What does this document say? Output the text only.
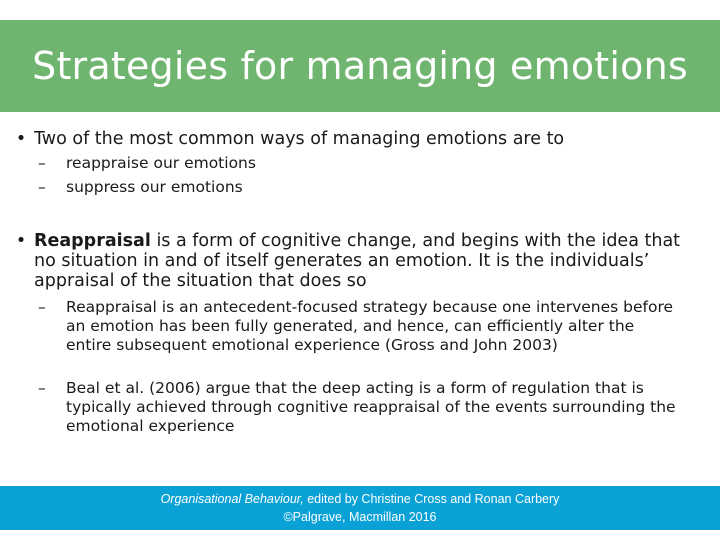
Strategies for managing emotions
• Two of the most common ways of managing emotions are to
–	reappraise our emotions
–	suppress our emotions
• Reappraisal is a form of cognitive change, and begins with the idea that no situation in and of itself generates an emotion. It is the individuals’ appraisal of the situation that does so
–	Reappraisal is an antecedent-focused strategy because one intervenes before an emotion has been fully generated, and hence, can efficiently alter the entire subsequent emotional experience (Gross and John 2003)
–	Beal et al. (2006) argue that the deep acting is a form of regulation that is typically achieved through cognitive reappraisal of the events surrounding the emotional experience
Organisational Behaviour, edited by Christine Cross and Ronan Carbery
©Palgrave, Macmillan 2016
